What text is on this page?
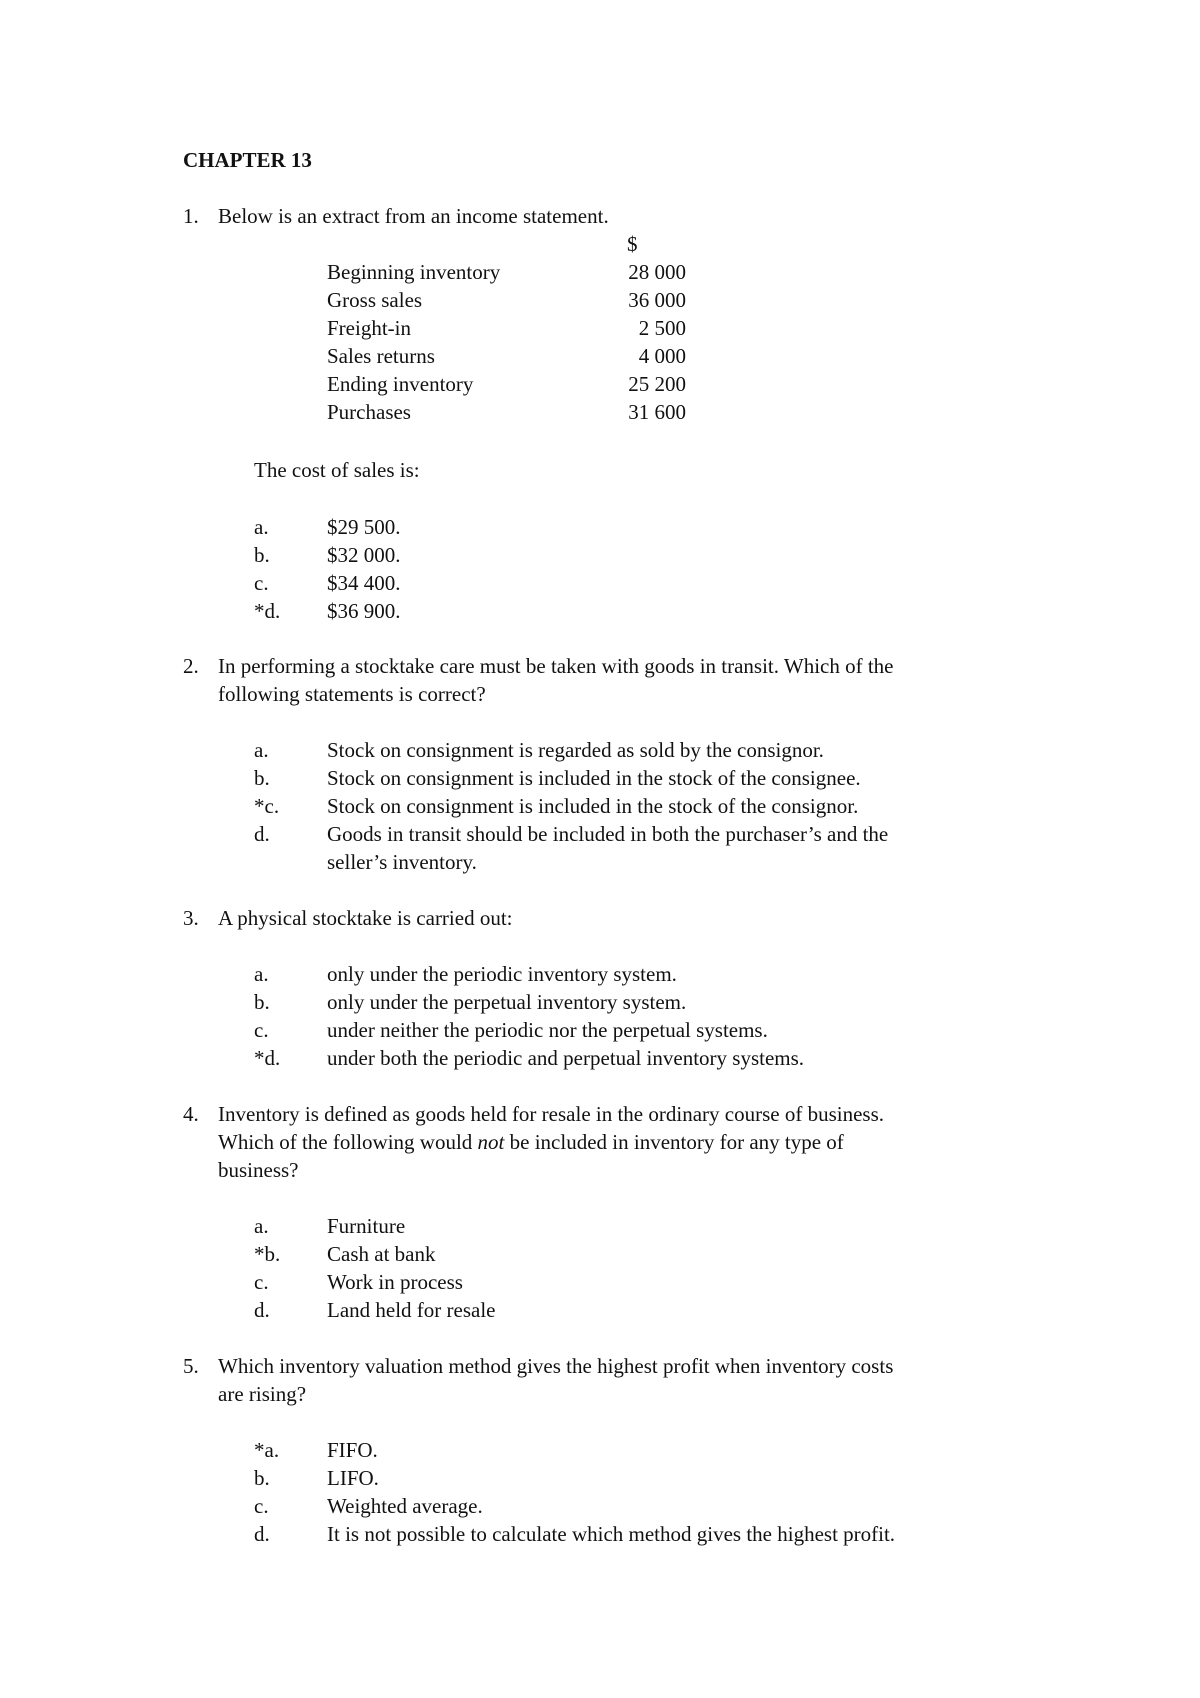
CHAPTER 13
1. Below is an extract from an income statement.
$
Beginning inventory	28 000
Gross sales	36 000
Freight-in	2 500
Sales returns	4 000
Ending inventory	25 200
Purchases	31 600
The cost of sales is:
a.	$29 500.
b.	$32 000.
c.	$34 400.
*d. $36 900.
2. In performing a stocktake care must be taken with goods in transit. Which of the
following statements is correct?
a.	Stock on consignment is regarded as sold by the consignor.
b.	Stock on consignment is included in the stock of the consignee.
*c. Stock on consignment is included in the stock of the consignor.
d.	Goods in transit should be included in both the purchaser’s and the
seller’s inventory.
3. A physical stocktake is carried out:
a.	only under the periodic inventory system.
b.	only under the perpetual inventory system.
c.	under neither the periodic nor the perpetual systems.
*d. under both the periodic and perpetual inventory systems.
4. Inventory is defined as goods held for resale in the ordinary course of business.
Which of the following would not be included in inventory for any type of
business?
a.	Furniture
*b. Cash at bank
c.	Work in process
d.	Land held for resale
5. Which inventory valuation method gives the highest profit when inventory costs
are rising?
*a. FIFO.
b.	LIFO.
c.	Weighted average.
d.	It is not possible to calculate which method gives the highest profit.
